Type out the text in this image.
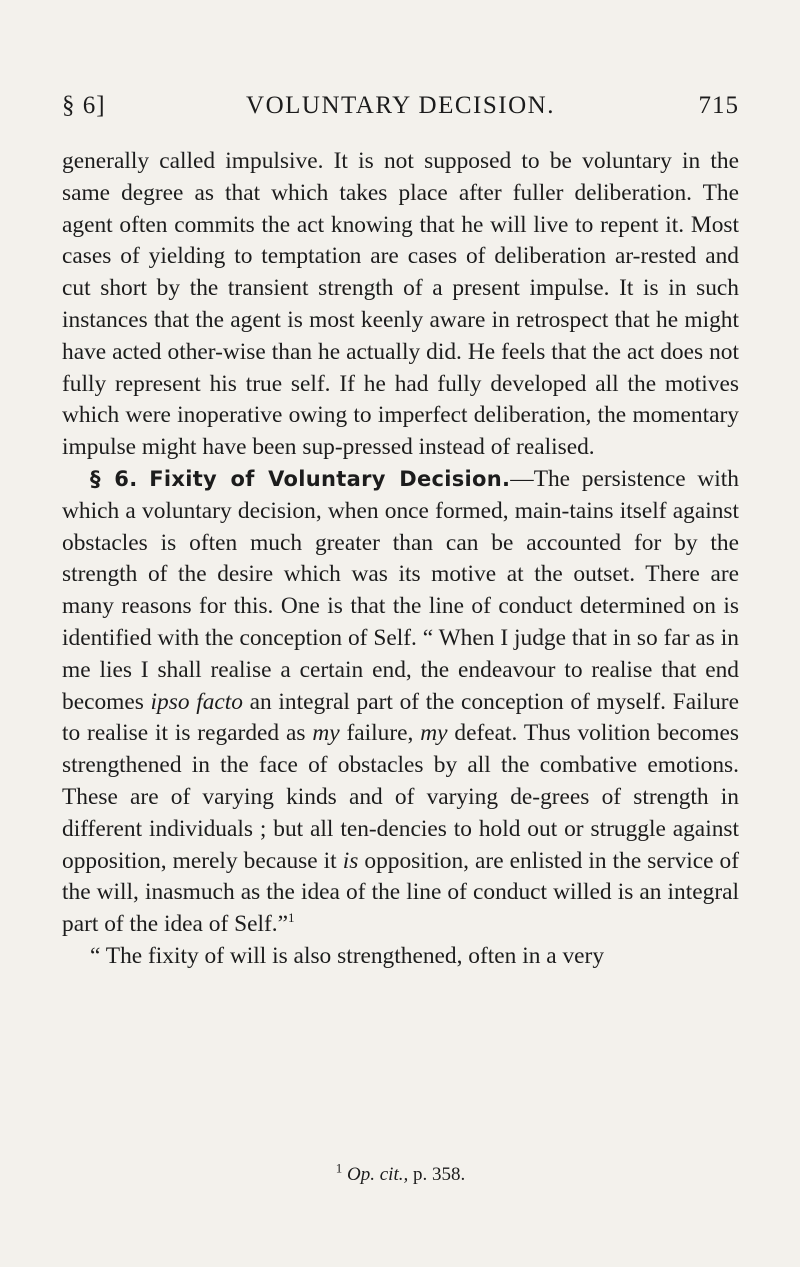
§ 6]	VOLUNTARY DECISION.	715

generally called impulsive. It is not supposed to be voluntary in the same degree as that which takes place after fuller deliberation. The agent often commits the act knowing that he will live to repent it. Most cases of yielding to temptation are cases of deliberation ar-rested and cut short by the transient strength of a present impulse. It is in such instances that the agent is most keenly aware in retrospect that he might have acted other-wise than he actually did. He feels that the act does not fully represent his true self. If he had fully developed all the motives which were inoperative owing to imperfect deliberation, the momentary impulse might have been sup-pressed instead of realised.

§ 6. Fixity of Voluntary Decision.—The persistence with which a voluntary decision, when once formed, main-tains itself against obstacles is often much greater than can be accounted for by the strength of the desire which was its motive at the outset. There are many reasons for this. One is that the line of conduct determined on is identified with the conception of Self. “ When I judge that in so far as in me lies I shall realise a certain end, the endeavour to realise that end becomes ipso facto an integral part of the conception of myself. Failure to realise it is regarded as my failure, my defeat. Thus volition becomes strengthened in the face of obstacles by all the combative emotions. These are of varying kinds and of varying de-grees of strength in different individuals ; but all ten-dencies to hold out or struggle against opposition, merely because it is opposition, are enlisted in the service of the will, inasmuch as the idea of the line of conduct willed is an integral part of the idea of Self.”$^1$

“ The fixity of will is also strengthened, often in a very

$^1$ Op. cit., p. 358.
